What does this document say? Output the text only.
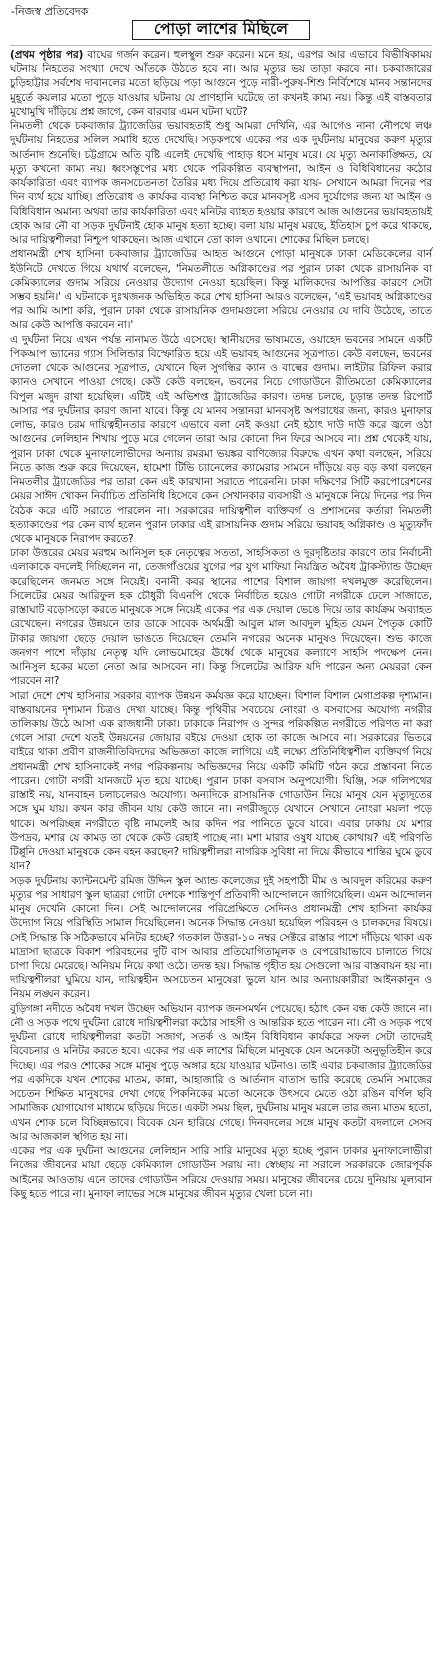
-নিজস্ব প্রতিবেদক
পোড়া লাশের মিছিলে

(প্রথম পৃষ্ঠার পর) বাঘের গর্জন করেন। হুলস্থুল শুরু করেন। মনে হয়, এরপর আর এভাবে বিভীষিকাময় ঘটনায় নিহতের সংখ্যা দেখে আঁতকে উঠতে হবে না। আর মৃত্যুর ভয় তাড়া করবে না। চকবাজারের চুড়িহাট্টার সর্বশেষ দাবানলের মতো ছড়িয়ে পড়া আগুনে পুড়ে নারী-পুরুষ-শিশু নির্বিশেষে মানব সন্তানদের মুহূর্তে কয়লার মতো পুড়ে যাওয়ার ঘটনায় যে প্রাণহানি ঘটেছে তা কখনই কাম্য নয়। কিন্তু এই বাস্তবতার মুখোমুখি দাঁড়িয়ে প্রশ্ন জাগে, কেন বারবার এমন ঘটনা ঘটে?

নিমতলী থেকে চকবাজার ট্র্যাজেডির ভয়াবহতাই শুধু আমরা দেখিনি, এর আগেও নানা নৌপথে লঞ্চ দুর্ঘটনায় নিহতের সলিল সমাধি হতে দেখেছি। সড়কপথে একের পর এক দুর্ঘটনায় মানুষের করুণ মৃত্যুর আর্তনাদ শুনেছি। চট্টগ্রামে অতি বৃষ্টি এলেই দেখেছি পাহাড় ধসে মানুষ মরে। যে মৃত্যু অনাকাঙ্ক্ষিত, যে মৃত্যু কখনো কাম্য নয়। ধ্বংসস্তূপের মধ্য থেকে পরিকল্পিত ব্যবস্থাপনা, আইন ও বিধিবিধানের কঠোর কার্যকারিতা এবং ব্যাপক জনসচেতনতা তৈরির মধ্য দিয়ে প্রতিরোধ করা যায়- সেখানে আমরা দিনের পর দিন ব্যর্থ হয়ে যাচ্ছি। প্রতিরোধ ও কার্যকর ব্যবস্থা নিশ্চিত করে মানবসৃষ্ট এসব দুর্যোগের জন্য যা আইন ও বিধিবিধান অমান্য অথবা তার কার্যকারিতা এবং মনিটর ব্যাহত হওয়ার কারণে আজ আগুনের ভয়াবহতায়ই হোক আর নৌ বা সড়ক দুর্ঘটনাই হোক মানুষ হত্যা হচ্ছে। বলা যায় মানুষ মরছে, ইতিহাস চুপ করে থাকছে, আর দায়িত্বশীলরা নিশ্চুপ থাকছেন। আজ এখানে তো কাল ওখানে। শোকের মিছিল চলছে।

প্রধানমন্ত্রী শেখ হাসিনা চকবাজার ট্র্যাজেডির আহত আগুনে পোড়া মানুষকে ঢাকা মেডিকেলের বার্ন ইউনিটে দেখতে গিয়ে যথার্থ বলেছেন, 'নিমতলীতে অগ্নিকাণ্ডের পর পুরান ঢাকা থেকে রাসায়নিক বা কেমিক্যালের গুদাম সরিয়ে নেওয়ার উদ্যোগ নেওয়া হয়েছিল। কিন্তু মালিকদের আপত্তির কারণে সেটা সম্ভব হয়নি।' এ ঘটনাকে দুঃখজনক অভিহিত করে শেখ হাসিনা আরও বলেছেন, 'এই ভয়াবহ অগ্নিকাণ্ডের পর আমি আশা করি, পুরান ঢাকা থেকে রাসায়নিক গুদামগুলো সরিয়ে নেওয়ার যে দাবি উঠেছে, তাতে আর কেউ আপত্তি করবেন না।'

এ দুর্ঘটনা নিয়ে এখন পর্যন্ত নানামত উঠে এসেছে। স্থানীয়দের ভাষ্যমতে, ওয়াহেদ ভবনের সামনে একটি পিকআপ ভ্যানের গ্যাস সিলিন্ডার বিস্ফোরিত হয়ে এই ভয়াবহ আগুনের সূত্রপাত। কেউ বলছেন, ভবনের দোতলা থেকে আগুনের সূত্রপাত, যেখানে ছিল সুগন্ধির ক্যান ও বাল্বের গুদাম। লাইটার রিফিল করার ক্যানও সেখানে পাওয়া গেছে। কেউ কেউ বলছেন, ভবনের নিচে গোডাউনে রীতিমতো কেমিক্যালের বিপুল মজুদ রাখা হয়েছিল। এটিই এই অভিশপ্ত ট্র্যাজেডির কারণ। তদন্ত চলছে, চূড়ান্ত তদন্ত রিপোর্ট আসার পর দুর্ঘটনার কারণ জানা যাবে। কিন্তু যে মানব সন্তানরা মানবসৃষ্ট অপরাধের জন্য, কারও মুনাফার লোভ, কারও চরম দায়িত্বহীনতার কারণে এভাবে বলা নেই কওয়া নেই হঠাৎ দাউ দাউ করে জ্বলে ওঠা আগুনের লেলিহান শিখায় পুড়ে মরে গেলেন তারা আর কোনো দিন ফিরে আসবে না। প্রশ্ন থেকেই যায়, পুরান ঢাকা থেকে মুনাফালোভীদের অন্যায় রমরমা ভয়ঙ্কর বাণিজ্যের বিরুদ্ধে এখন কথা বলছেন, সরিয়ে নিতে কাজ শুরু করে দিয়েছেন, হামেশা টিভি চ্যানেলের ক্যামেরার সামনে দাঁড়িয়ে বড় বড় কথা বলছেন নিমতলীর ট্র্যাজেডির পর তারা কেন এই কারখানা সরাতে পারেননি। ঢাকা দক্ষিণের সিটি করপোরেশনের মেয়র সাঈদ খোকন নির্বাচিত প্রতিনিধি হিসেবে কেন সেখানকার ব্যবসায়ী ও মানুষকে নিয়ে দিনের পর দিন বৈঠক করে এটি সরাতে পারলেন না। সরকারের দায়িত্বশীল ব্যক্তিবর্গ ও প্রশাসনের কর্তারা নিমতলী হত্যাকাণ্ডের পর কেন ব্যর্থ হলেন পুরান ঢাকার এই রাসায়নিক গুদাম সরিয়ে ভয়াবহ অগ্নিকাণ্ড ও মৃত্যুফাঁদ থেকে মানুষকে নিরাপদ করতে?

ঢাকা উত্তরের মেয়র মরহুম আনিসুল হক নেতৃত্বের সততা, সাহসিকতা ও দূরদৃষ্টিতার কারণে তার নির্বাচনী এলাকাকে বদলেই দিচ্ছিলেন না, তেজগাঁওয়ের যুগের পর যুগ মাফিয়া নিয়ন্ত্রিত অবৈধ ট্রাকস্ট্যান্ড উচ্ছেদ করেছিলেন জনমত সঙ্গে নিয়েই। বনানী কবর স্থানের পাশের বিশাল জায়গা দখলমুক্ত করেছিলেন। সিলেটের মেয়র আরিফুল হক চৌধুরী বিএনপি থেকে নির্বাচিত হয়েও গোটা নগরীকে ঢেলে সাজাতে, রাস্তাঘাট বড়োসড়ো করতে মানুষকে সঙ্গে নিয়েই একের পর এক দেয়াল ভেঙে দিয়ে তার কার্যক্রম অব্যাহত রেখেছেন। নগরের উন্নয়নে তার ডাকে সাবেক অর্থমন্ত্রী আবুল মাল আবদুল মুহিত যেমন পৈতৃক কোটি টাকার জায়গা ছেড়ে দেয়াল ভাঙতে দিয়েছেন তেমনি নগরের অনেক মানুষও দিয়েছেন। শুভ কাজে জনগণ পাশে দাঁড়ায় নেতৃত্ব যদি লোভমোহের ঊর্ধ্বে থেকে মানুষের কল্যাণে সাহসি পদক্ষেপ নেন। আনিসুল হকের মতো নেতা আর আসবেন না। কিন্তু সিলেটের আরিফ যদি পারেন অন্য মেয়ররা কেন পারবেন না?

সারা দেশে শেখ হাসিনার সরকার ব্যাপক উন্নয়ন কর্মযজ্ঞ করে যাচ্ছেন। বিশাল বিশাল মেগাপ্রকল্প দৃশ্যমান। বাস্তবায়নের দৃশ্যমান চিত্রও দেখা যাচ্ছে। কিন্তু পৃথিবীর সবচেয়ে নোংরা ও বসবাসের অযোগ্য নগরীর তালিকায় উঠে আসা এক রাজধানী ঢাকা। ঢাকাকে নিরাপদ ও সুন্দর পরিকল্পিত নগরীতে পরিণত না করা গেলে সারা দেশে যতই উন্নয়নের জোয়ার বইয়ে দেওয়া হোক তা কাজে আসবে না। সরকারের ভিতরে বাইরে থাকা প্রবীণ রাজনীতিবিদদের অভিজ্ঞতা কাজে লাগিয়ে এই লক্ষ্যে প্রতিনিধিত্বশীল ব্যক্তিবর্গ নিয়ে প্রধানমন্ত্রী শেখ হাসিনাকেই নগর পরিকল্পনায় অভিজ্ঞদের নিয়ে একটি কমিটি গঠন করে প্রস্তাবনা নিতে পারেন। গোটা নগরী যানজটে মৃত হয়ে যাচ্ছে। পুরান ঢাকা বসবাস অনুপযোগী। ঘিঞ্জি, সরু গলিপথের রাস্তাই নয়, যানবাহন চলাচলেরও অযোগ্য। অন্যদিকে রাসায়নিক গোডাউন নিয়ে মানুষ যেন মৃত্যুদূতের সঙ্গে ঘুম যায়। কখন কার জীবন যায় কেউ জানে না। নগরীজুড়ে যেখানে সেখানে নোংরা ময়লা পড়ে থাকে। অপরিচ্ছন্ন নগরীতে বৃষ্টি নামলেই আর কদিন পর পানিতে ডুবে যাবে। এবার ঢাকায় যে মশার উপদ্রব, মশার যে কামড় তা থেকে কেউ রেহাই পাচ্ছে না। মশা মারার ওষুধ যাচ্ছে কোথায়? এই পরিণতি টিপ্পুনি দেওয়া মানুষকে কেন বহন করছেন? দায়িত্বশীলরা নাগরিক সুবিধা না দিয়ে কীভাবে শান্তির ঘুমে ডুবে যান?

সড়ক দুর্ঘটনায় ক্যান্টনমেন্ট রমিজ উদ্দিন স্কুল অ্যান্ড কলেজের দুই সহপাঠী মীম ও আবদুল করিমের করুণ মৃত্যুর পর সাধারণ স্কুল ছাত্ররা গোটা দেশকে শান্তিপূর্ণ প্রতিবাদী আন্দোলনে জাগিয়েছিল। এমন আন্দোলন মানুষ দেখেনি কোনো দিন। সেই আন্দোলনের পরিপ্রেক্ষিতে সেদিনও প্রধানমন্ত্রী শেখ হাসিনা কার্যকর উদ্যোগ নিয়ে পরিস্থিতি সামাল দিয়েছিলেন। অনেক সিদ্ধান্ত নেওয়া হয়েছিল পরিবহন ও চালকদের বিষয়ে। সেই সিদ্ধান্ত কি সঠিকভাবে মনিটর হচ্ছে? গতকাল উত্তরা-১০ নম্বর সেক্টরে রাস্তার পাশে দাঁড়িয়ে থাকা এক মাদ্রাসা ছাত্রকে বিকাশ পরিবহনের দুটি বাস আবার প্রতিযোগিতামূলক ও বেপরোয়াভাবে চালাতে গিয়ে চাপা দিয়ে মেরেছে। অনিয়ম নিয়ে কথা ওঠে। তদন্ত হয়। সিদ্ধান্ত গৃহীত হয় সেগুলো আর বাস্তবায়ন হয় না। দায়িত্বশীলরা ঘুমিয়ে যান, দায়িত্বহীন অসচেতন মানুষেরা ভুলে যান আর অন্যায়কারীরা আইনকানুন ও নিয়ম লঙ্ঘন করেন।

বুড়িগঙ্গা নদীতে অবৈধ দখল উচ্ছেদ অভিযান ব্যাপক জনসমর্থন পেয়েছে। হঠাৎ কেন বন্ধ কেউ জানে না। নৌ ও সড়ক পথে দুর্ঘটনা রোধে দায়িত্বশীলরা কঠোর সাহসী ও আন্তরিক হতে পারেন না। নৌ ও সড়ক পথে দুর্ঘটনা রোধে দায়িত্বশীলরা কতটা সজাগ, সতর্ক ও আইন বিধিবিধান কার্যকরে সফল সেটা তাদেরই বিবেচনার ও মনিটর করতে হবে। একের পর এক লাশের মিছিলে মানুষকে যেন অনেকটা অনুভূতিহীন করে দিচ্ছে। এর পরও শোকের সঙ্গে মানুষ পুড়ে অঙ্গার হয়ে যাওয়ার ঘটনাও। তাই এবার চকবাজার ট্র্যাজেডির পর একদিকে যখন শোকের মাতম, কান্না, আহাজারি ও আর্তনাদ বাতাস ভারি করেছে তেমনি সমাজের সচেতন শিক্ষিত মানুষদের দেখা গেছে পিকনিকের মতো অনেকে উৎসবে মেতে ওঠা রঙিন বর্ণিল ছবি সামাজিক যোগাযোগ মাধ্যমে ছড়িয়ে দিতে। একটা সময় ছিল, দুর্ঘটনায় মানুষ মরলে তার জন্য মাতম হতো, এখন শোক চলে বিচ্ছিন্নভাবে। বিবেক যেন হারিয়ে গেছে। দিনবদলের সঙ্গে মানুষ কতটা বদলালে সেসব আর আজকাল স্থগিত হয় না।

একের পর এক দুর্ঘটনা আগুনের লেলিহান সারি সারি মানুষের মৃত্যু হচ্ছে পুরান ঢাকার মুনাফালোভীরা নিজের জীবনের মায়া ছেড়ে কেমিক্যাল গোডাউন সরায় না। স্বেচ্ছায় না সরালে সরকারকে জোরপূর্বক আইনের আওতায় এনে তাদের গোডাউন সরিয়ে দেওয়ার সময়। মানুষের জীবনের চেয়ে দুনিয়ায় মূল্যবান কিছু হতে পারে না। মুনাফা লাভের সঙ্গে মানুষের জীবন মৃত্যুর খেলা চলে না।
